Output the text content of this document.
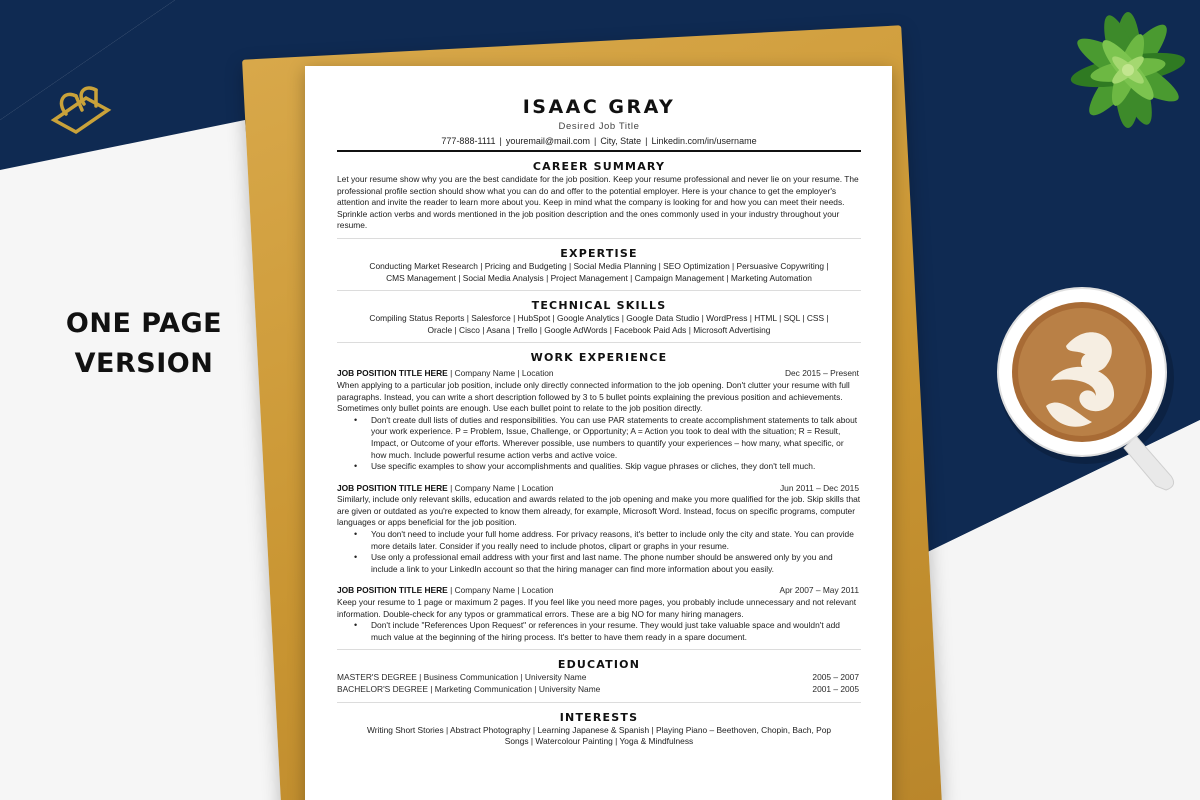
ONE PAGE
VERSION
ISAAC GRAY
Desired Job Title
777-888-1111 | youremail@mail.com | City, State | Linkedin.com/in/username
CAREER SUMMARY
Let your resume show why you are the best candidate for the job position. Keep your resume professional and never lie on your resume. The professional profile section should show what you can do and offer to the potential employer. Here is your chance to get the employer's attention and invite the reader to learn more about you. Keep in mind what the company is looking for and how you can meet their needs. Sprinkle action verbs and words mentioned in the job position description and the ones commonly used in your industry throughout your resume.
EXPERTISE
Conducting Market Research | Pricing and Budgeting | Social Media Planning | SEO Optimization | Persuasive Copywriting |
CMS Management | Social Media Analysis | Project Management | Campaign Management | Marketing Automation
TECHNICAL SKILLS
Compiling Status Reports | Salesforce | HubSpot | Google Analytics | Google Data Studio | WordPress | HTML | SQL | CSS |
Oracle | Cisco | Asana | Trello | Google AdWords | Facebook Paid Ads | Microsoft Advertising
WORK EXPERIENCE
JOB POSITION TITLE HERE | Company Name | Location	Dec 2015 – Present
When applying to a particular job position, include only directly connected information to the job opening. Don't clutter your resume with full paragraphs. Instead, you can write a short description followed by 3 to 5 bullet points explaining the previous position and achievements. Sometimes only bullet points are enough. Use each bullet point to relate to the job position directly.
• Don't create dull lists of duties and responsibilities. You can use PAR statements to create accomplishment statements to talk about your work experience. P = Problem, Issue, Challenge, or Opportunity; A = Action you took to deal with the situation; R = Result, Impact, or Outcome of your efforts. Wherever possible, use numbers to quantify your experiences – how many, what specific, or how much. Include powerful resume action verbs and active voice.
• Use specific examples to show your accomplishments and qualities. Skip vague phrases or cliches, they don't tell much.
JOB POSITION TITLE HERE | Company Name | Location	Jun 2011 – Dec 2015
Similarly, include only relevant skills, education and awards related to the job opening and make you more qualified for the job. Skip skills that are given or outdated as you're expected to know them already, for example, Microsoft Word. Instead, focus on specific programs, computer languages or apps beneficial for the job position.
• You don't need to include your full home address. For privacy reasons, it's better to include only the city and state. You can provide more details later. Consider if you really need to include photos, clipart or graphs in your resume.
• Use only a professional email address with your first and last name. The phone number should be answered only by you and include a link to your LinkedIn account so that the hiring manager can find more information about you easily.
JOB POSITION TITLE HERE | Company Name | Location	Apr 2007 – May 2011
Keep your resume to 1 page or maximum 2 pages. If you feel like you need more pages, you probably include unnecessary and not relevant information. Double-check for any typos or grammatical errors. These are a big NO for many hiring managers.
• Don't include "References Upon Request" or references in your resume. They would just take valuable space and wouldn't add much value at the beginning of the hiring process. It's better to have them ready in a spare document.
EDUCATION
MASTER'S DEGREE | Business Communication | University Name	2005 – 2007
BACHELOR'S DEGREE | Marketing Communication | University Name	2001 – 2005
INTERESTS
Writing Short Stories | Abstract Photography | Learning Japanese & Spanish | Playing Piano – Beethoven, Chopin, Bach, Pop
Songs | Watercolour Painting | Yoga & Mindfulness
